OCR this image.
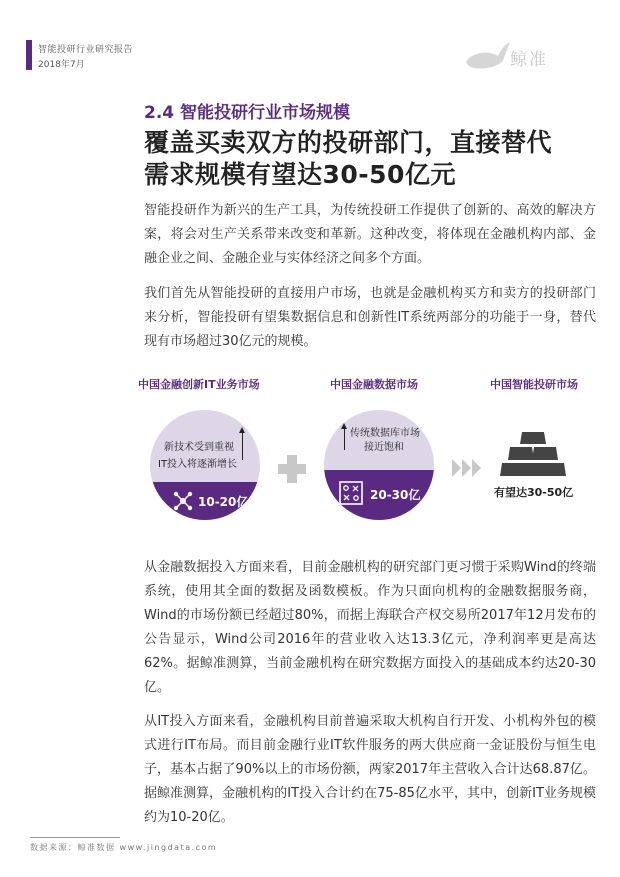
智能投研行业研究报告
2018年7月	鲸准
2.4 智能投研行业市场规模
覆盖买卖双方的投研部门，直接替代
需求规模有望达30-50亿元

智能投研作为新兴的生产工具，为传统投研工作提供了创新的、高效的解决方案，将会对生产关系带来改变和革新。这种改变，将体现在金融机构内部、金融企业之间、金融企业与实体经济之间多个方面。

我们首先从智能投研的直接用户市场，也就是金融机构买方和卖方的投研部门来分析，智能投研有望集数据信息和创新性IT系统两部分的功能于一身，替代现有市场超过30亿元的规模。

中国金融创新IT业务市场	中国金融数据市场	中国智能投研市场
新技术受到重视
IT投入将逐渐增长
10-20亿
传统数据库市场
接近饱和
20-30亿	有望达30-50亿

从金融数据投入方面来看，目前金融机构的研究部门更习惯于采购Wind的终端系统，使用其全面的数据及函数模板。作为只面向机构的金融数据服务商，Wind的市场份额已经超过80%，而据上海联合产权交易所2017年12月发布的公告显示，Wind公司2016年的营业收入达13.3亿元，净利润率更是高达62%。据鲸准测算，当前金融机构在研究数据方面投入的基础成本约达20-30亿。

从IT投入方面来看，金融机构目前普遍采取大机构自行开发、小机构外包的模式进行IT布局。而目前金融行业IT软件服务的两大供应商一金证股份与恒生电子，基本占据了90%以上的市场份额，两家2017年主营收入合计达68.87亿。据鲸准测算，金融机构的IT投入合计约在75-85亿水平，其中，创新IT业务规模约为10-20亿。

数据来源：鲸准数据 www.jingdata.com
